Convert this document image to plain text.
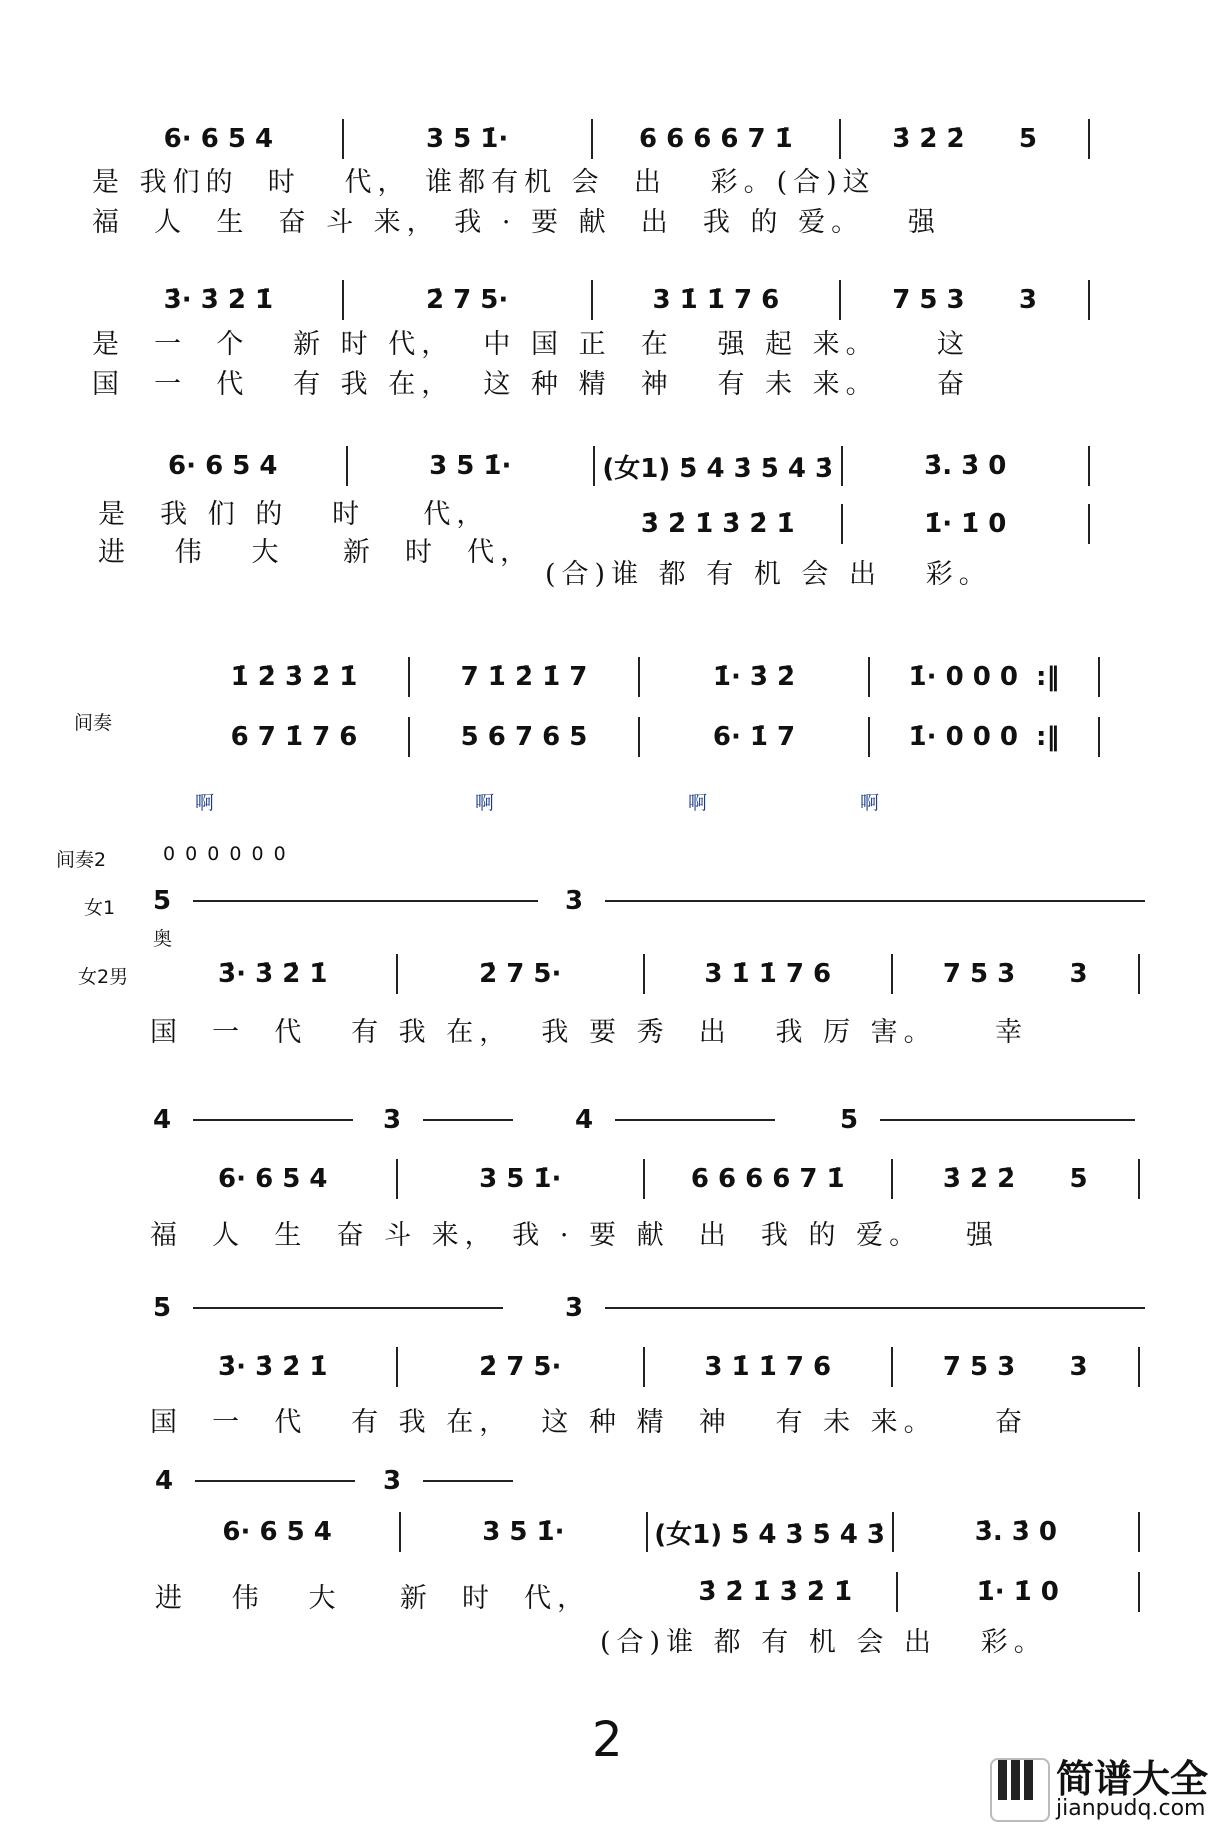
6· 6 5 4	3 5 1̇·	6 6 6 6 7 1̇	3̇ 2̇ 2̇      5
是 我们的  时   代， 谁都有机 会  出   彩。(合)这
福  人  生  奋 斗 来， 我 · 要 献  出  我 的 爱。   强
3̇· 3̇ 2̇ 1̇	2̇ 7 5·	3 1̇ 1̇ 7 6	7 5 3      3
是  一  个   新 时 代，  中 国 正  在   强 起 来。    这
国  一  代   有 我 在，  这 种 精  神   有 未 来。    奋
6· 6 5 4	3 5 1̇·	(女1) 5̇ 4̇ 3̇ 5̇ 4̇ 3̇	3̇. 3̇ 0
是  我 们 的   时    代，
进   伟   大    新  时  代，
3̇ 2̇ 1̇ 3̇ 2̇ 1̇	1̇· 1̇ 0
(合)谁 都 有 机 会 出   彩。
间奏
1̇ 2̇ 3̇ 2̇ 1̇	7 1̇ 2̇ 1̇ 7	1̇· 3̇ 2̇	1̇· 0 0 0  :‖
6 7 1̇ 7 6	5 6 7 6 5	6· 1̇ 7	1̇· 0 0 0  :‖
啊	啊	啊	啊
间奏2	0 0 0 0 0 0
女1 5	3
奥
女2男	3̇· 3̇ 2̇ 1̇	2̇ 7 5·	3 1̇ 1̇ 7 6	7 5 3      3
国  一  代   有 我 在，  我 要 秀  出   我 厉 害。    幸
4	3	4	5
6· 6 5 4	3 5 1̇·	6 6 6 6 7 1̇	3̇ 2̇ 2̇      5
福  人  生  奋 斗 来， 我 · 要 献  出  我 的 爱。   强
5	3
3̇· 3̇ 2̇ 1̇	2̇ 7 5·	3 1̇ 1̇ 7 6	7 5 3      3
国  一  代   有 我 在，  这 种 精  神   有 未 来。    奋
4	3
6· 6 5 4	3 5 1̇·	(女1) 5̇ 4̇ 3̇ 5̇ 4̇ 3̇	3̇. 3̇ 0
进   伟   大    新  时  代，	3̇ 2̇ 1̇ 3̇ 2̇ 1̇	1̇· 1̇ 0
(合)谁 都 有 机 会 出   彩。
2
简谱大全
jianpudq.com
